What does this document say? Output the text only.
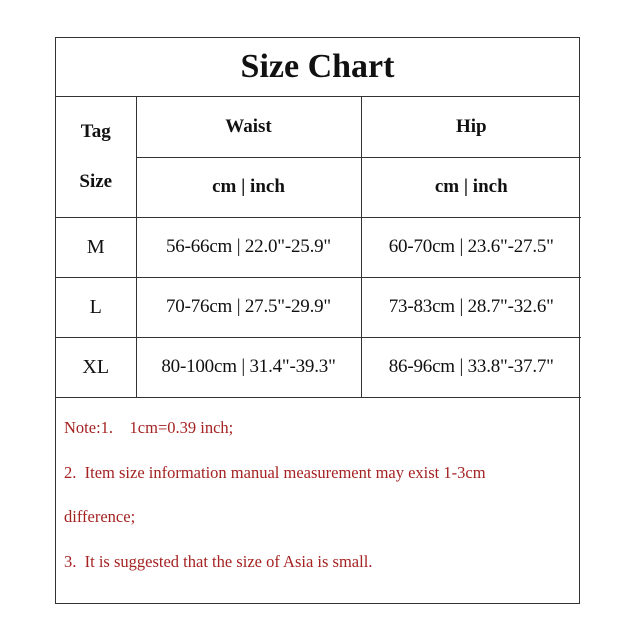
Size Chart
Tag
Size	Waist	Hip
	cm | inch	cm | inch
M	56-66cm | 22.0"-25.9"	60-70cm | 23.6"-27.5"
L	70-76cm | 27.5"-29.9"	73-83cm | 28.7"-32.6"
XL	80-100cm | 31.4"-39.3"	86-96cm | 33.8"-37.7"

Note:1.    1cm=0.39 inch;

2.  Item size information manual measurement may exist 1-3cm

difference;

3.  It is suggested that the size of Asia is small.
